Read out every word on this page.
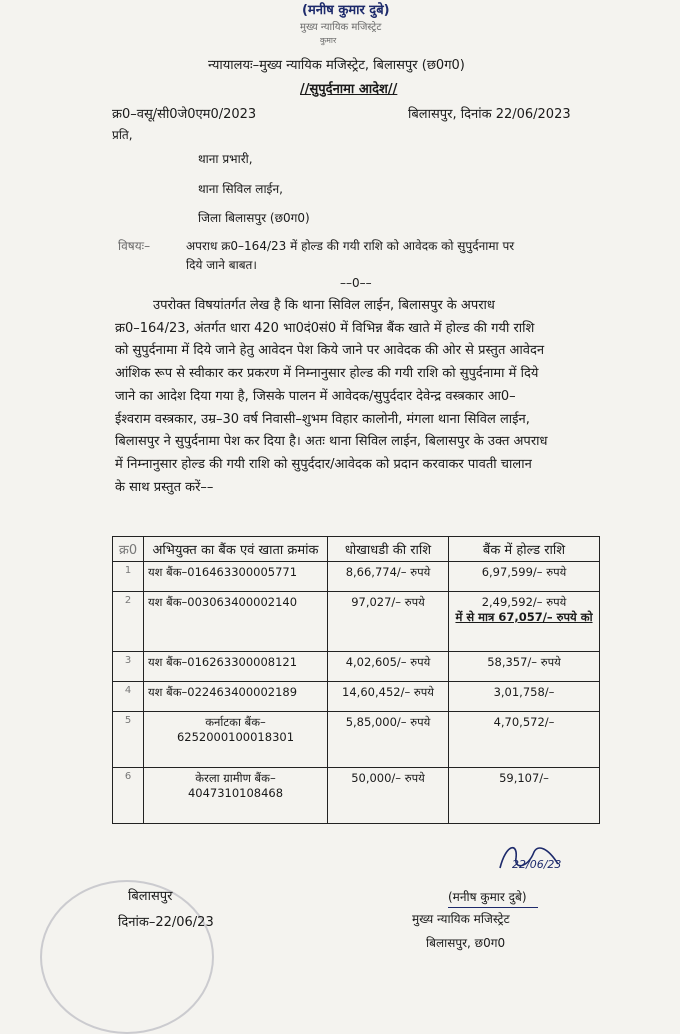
(मनीष कुमार दुबे)
मुख्य न्यायिक मजिस्ट्रेट
कुमार
न्यायालयः–मुख्य न्यायिक मजिस्ट्रेट, बिलासपुर (छ0ग0)
//सुपुर्दनामा आदेश//
क्र0–वसू/सी0जे0एम0/2023	बिलासपुर, दिनांक 22/06/2023
प्रति,
थाना प्रभारी,
थाना सिविल लाईन,
जिला बिलासपुर (छ0ग0)
विषयः–	अपराध क्र0–164/23 में होल्ड की गयी राशि को आवेदक को सुपुर्दनामा पर
दिये जाने बाबत।
––0––

उपरोक्त विषयांतर्गत लेख है कि थाना सिविल लाईन, बिलासपुर के अपराध

क्र0–164/23, अंतर्गत धारा 420 भा0दं0सं0 में विभिन्न बैंक खाते में होल्ड की गयी राशि

को सुपुर्दनामा में दिये जाने हेतु आवेदन पेश किये जाने पर आवेदक की ओर से प्रस्तुत आवेदन

आंशिक रूप से स्वीकार कर प्रकरण में निम्नानुसार होल्ड की गयी राशि को सुपुर्दनामा में दिये

जाने का आदेश दिया गया है, जिसके पालन में आवेदक/सुपुर्ददार देवेन्द्र वस्त्रकार आ0–

ईश्वराम वस्त्रकार, उम्र–30 वर्ष निवासी–शुभम विहार कालोनी, मंगला थाना सिविल लाईन,

बिलासपुर ने सुपुर्दनामा पेश कर दिया है। अतः थाना सिविल लाईन, बिलासपुर के उक्त अपराध

में निम्नानुसार होल्ड की गयी राशि को सुपुर्ददार/आवेदक को प्रदान करवाकर पावती चालान

के साथ प्रस्तुत करें––

क्र0	अभियुक्त का बैंक एवं खाता क्रमांक	धोखाधडी की राशि	बैंक में होल्ड राशि
1	यश बैंक–016463300005771	8,66,774/– रुपये	6,97,599/– रुपये
2	यश बैंक–003063400002140	97,027/– रुपये	2,49,592/– रुपये
में से मात्र 67,057/– रुपये को

3	यश बैंक–016263300008121	4,02,605/– रुपये	58,357/– रुपये
4	यश बैंक–022463400002189	14,60,452/– रुपये	3,01,758/–
5	कर्नाटका बैंक– 6252000100018301	5,85,000/– रुपये	4,70,572/–
6	केरला ग्रामीण बैंक– 4047310108468	50,000/– रुपये	59,107/–
बिलासपुर
दिनांक–22/06/23
22/06/23
(मनीष कुमार दुबे)
मुख्य न्यायिक मजिस्ट्रेट
बिलासपुर, छ0ग0
